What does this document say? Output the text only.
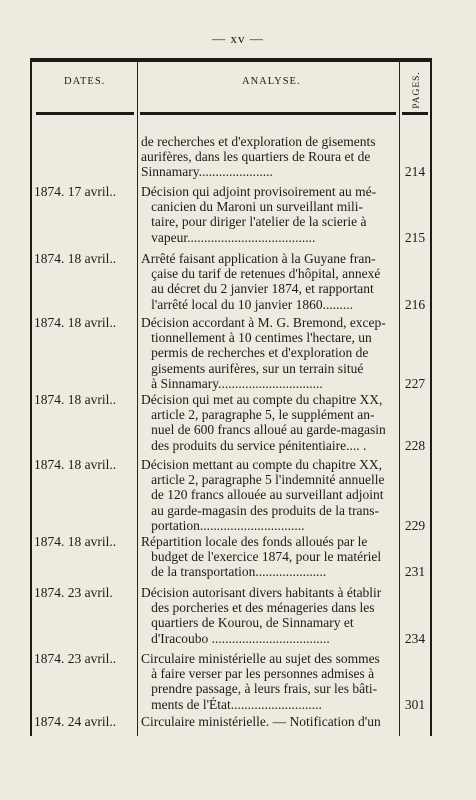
— xv —
DATES.	ANALYSE.	PAGES.
de recherches et d'exploration de gisements
aurifères, dans les quartiers de Roura et de
Sinnamary......................	214
1874. 17 avril.. Décision qui adjoint provisoirement au mé-
canicien du Maroni un surveillant mili-
taire, pour diriger l'atelier de la scierie à
vapeur......................................	215
1874. 18 avril.. Arrêté faisant application à la Guyane fran-
çaise du tarif de retenues d'hôpital, annexé
au décret du 2 janvier 1874, et rapportant
l'arrêté local du 10 janvier 1860.........	216
1874. 18 avril.. Décision accordant à M. G. Bremond, excep-
tionnellement à 10 centimes l'hectare, un
permis de recherches et d'exploration de
gisements aurifères, sur un terrain situé
à Sinnamary...............................	227
1874. 18 avril.. Décision qui met au compte du chapitre XX,
article 2, paragraphe 5, le supplément an-
nuel de 600 francs alloué au garde-magasin
des produits du service pénitentiaire.... .	228
1874. 18 avril.. Décision mettant au compte du chapitre XX,
article 2, paragraphe 5 l'indemnité annuelle
de 120 francs allouée au surveillant adjoint
au garde-magasin des produits de la trans-
portation...............................	229
1874. 18 avril.. Répartition locale des fonds alloués par le
budget de l'exercice 1874, pour le matériel
de la transportation.....................	231
1874. 23 avril. Décision autorisant divers habitants à établir
des porcheries et des ménageries dans les
quartiers de Kourou, de Sinnamary et
d'Iracoubo ...................................	234
1874. 23 avril.. Circulaire ministérielle au sujet des sommes
à faire verser par les personnes admises à
prendre passage, à leurs frais, sur les bâti-
ments de l'État...........................	301
1874. 24 avril.. Circulaire ministérielle. — Notification d'un
